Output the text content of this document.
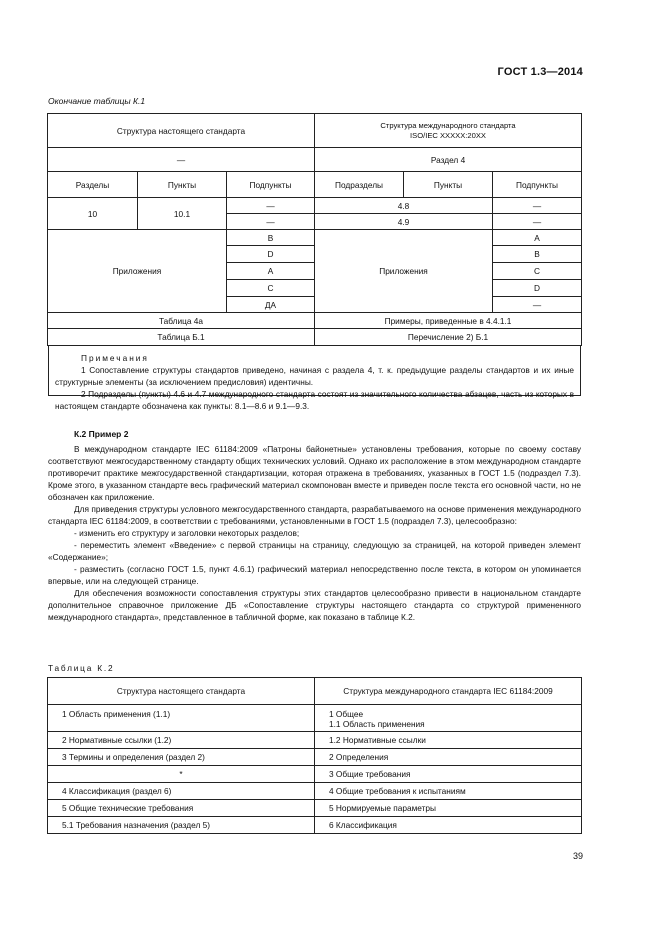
ГОСТ 1.3—2014
Окончание таблицы К.1
Структура настоящего стандарта			Структура международного стандарта
ISO/IEC XXXXX:20XX		
—			Раздел 4		
Разделы	Пункты	Подпункты	Подразделы	Пункты	Подпункты
10	10.1	—	4.8		—
		—	4.9		—
Приложения		В	Приложения		А
		D			В
		А			С
		С			D
		ДА			—
Таблица 4а			Примеры, приведенные в 4.4.1.1		
Таблица Б.1			Перечисление 2) Б.1		

Примечания

1 Сопоставление структуры стандартов приведено, начиная с раздела 4, т. к. предыдущие разделы стандартов и их иные структурные элементы (за исключением предисловия) идентичны.

2 Подразделы (пункты) 4.6 и 4.7 международного стандарта состоят из значительного количества абзацев, часть из которых в настоящем стандарте обозначена как пункты: 8.1—8.6 и 9.1—9.3.

К.2 Пример 2

В международном стандарте IEC 61184:2009 «Патроны байонетные» установлены требования, которые по своему составу соответствуют межгосударственному стандарту общих технических условий. Однако их расположение в этом международном стандарте противоречит практике межгосударственной стандартизации, которая отражена в требованиях, указанных в ГОСТ 1.5 (подраздел 7.3). Кроме этого, в указанном стандарте весь графический материал скомпонован вместе и приведен после текста его основной части, но не обозначен как приложение.

Для приведения структуры условного межгосударственного стандарта, разрабатываемого на основе применения международного стандарта IEC 61184:2009, в соответствии с требованиями, установленными в ГОСТ 1.5 (подраздел 7.3), целесообразно:

- изменить его структуру и заголовки некоторых разделов;

- переместить элемент «Введение» с первой страницы на страницу, следующую за страницей, на которой приведен элемент «Содержание»;

- разместить (согласно ГОСТ 1.5, пункт 4.6.1) графический материал непосредственно после текста, в котором он упоминается впервые, или на следующей странице.

Для обеспечения возможности сопоставления структуры этих стандартов целесообразно привести в национальном стандарте дополнительное справочное приложение ДБ «Сопоставление структуры настоящего стандарта со структурой примененного международного стандарта», представленное в табличной форме, как показано в таблице К.2.

Таблица К.2
Структура настоящего стандарта	Структура международного стандарта IEC 61184:2009
1 Область применения (1.1)	1 Общее
1.1 Область применения
2 Нормативные ссылки (1.2)	1.2 Нормативные ссылки
3 Термины и определения (раздел 2)	2 Определения
*	3 Общие требования
4 Классификация (раздел 6)	4 Общие требования к испытаниям
5 Общие технические требования	5 Нормируемые параметры
5.1 Требования назначения (раздел 5)	6 Классификация
39
